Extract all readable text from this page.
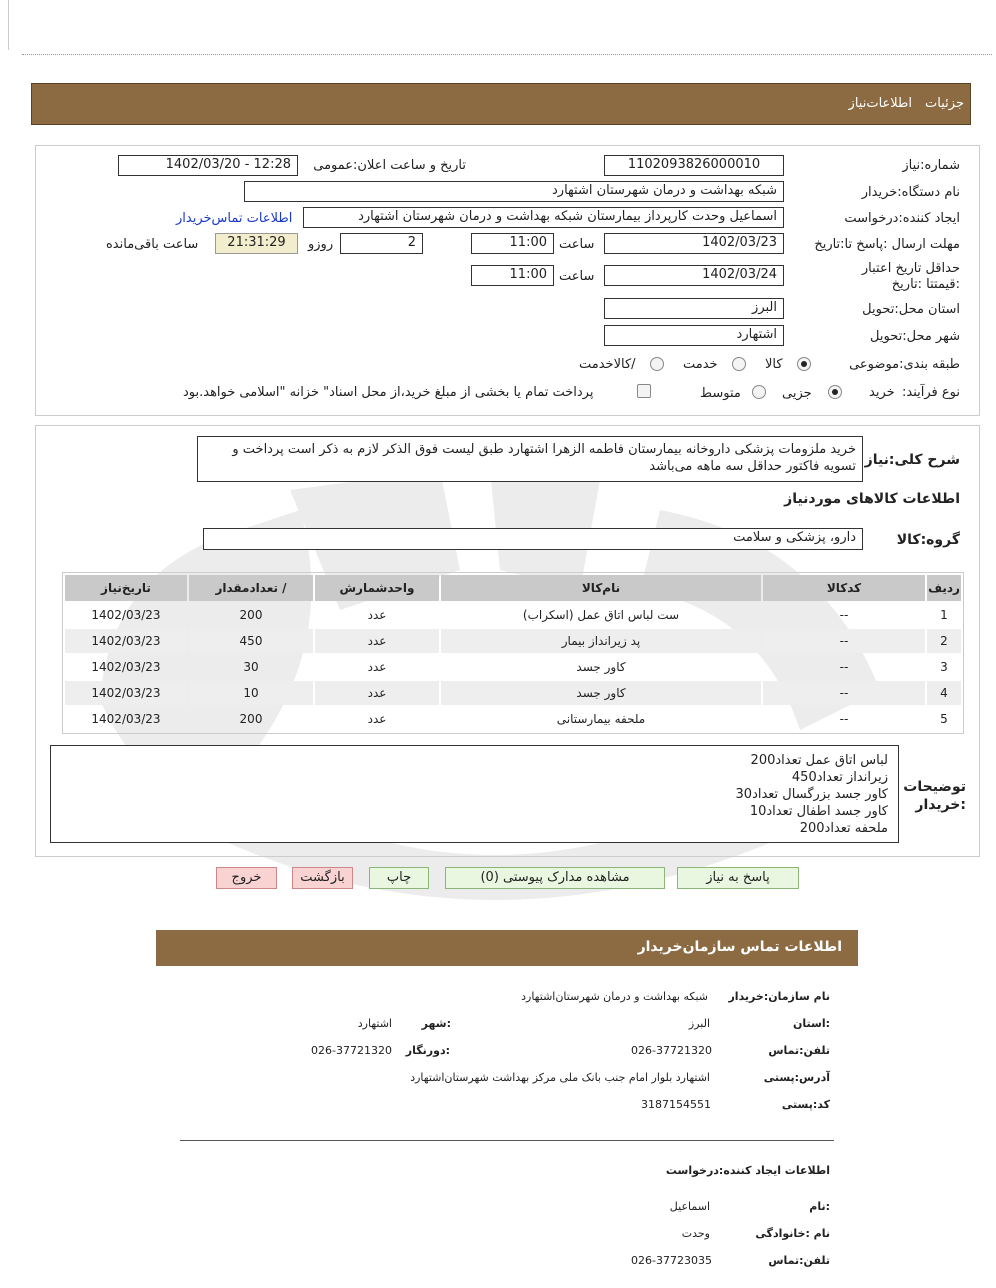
جزئیات
اطلاعات‌نیاز
شماره:نیاز
1102093826000010
تاریخ و ساعت اعلان:عمومی
1402/03/20 - 12:28
نام دستگاه:خریدار
شبکه بهداشت و درمان شهرستان اشتهارد
ایجاد کننده:درخواست
اسماعیل وحدت کارپرداز بیمارستان شبکه بهداشت و درمان شهرستان اشتهارد
اطلاعات تماس‌خریدار
مهلت ارسال :پاسخ تا:تاریخ
1402/03/23
ساعت
11:00
2
روزو
21:31:29
ساعت باقی‌مانده
حداقل تاریخ اعتبار :قیمتتا :تاریخ
1402/03/24
ساعت
11:00
استان محل:تحویل
البرز
شهر محل:تحویل
اشتهارد
طبقه بندی:موضوعی
کالا
خدمت
/کالاخدمت
نوع فرآیند:
خرید
جزیی
متوسط
پرداخت تمام یا بخشی از مبلغ خرید،از محل اسناد" خزانه "اسلامی خواهد.بود
شرح کلی:نیاز
خرید ملزومات پزشکی داروخانه بیمارستان فاطمه الزهرا اشتهارد طبق لیست فوق الذکر لازم به ذکر است پرداخت و تسویه فاکتور حداقل سه ماهه می‌باشد
اطلاعات کالاهای موردنیاز
گروه:کالا
دارو، پزشکی و سلامت
ردیف	کدکالا	نام‌کالا	واحدشمارش	/ تعدادمقدار	تاریخ‌نیاز
1	--	ست لباس اتاق عمل (اسکراب)	عدد	200	1402/03/23
2	--	پد زیرانداز بیمار	عدد	450	1402/03/23
3	--	کاور جسد	عدد	30	1402/03/23
4	--	کاور جسد	عدد	10	1402/03/23
5	--	ملحفه بیمارستانی	عدد	200	1402/03/23
توضیحات :خریدار
لباس اتاق عمل تعداد200
زیرانداز تعداد450
کاور جسد بزرگسال تعداد30
کاور جسد اطفال تعداد10
ملحفه تعداد200
پاسخ به نیاز
مشاهده مدارک پیوستی (0)
چاپ
بازگشت
خروج
اطلاعات تماس سازمان‌خریدار
نام سازمان:خریدار
شبکه بهداشت و درمان شهرستان‌اشتهارد
:استان
البرز
:شهر
اشتهارد
تلفن:تماس
026-37721320
:دورنگار
026-37721320
آدرس:پستی
اشتهارد بلوار امام جنب بانک ملی مرکز بهداشت شهرستان‌اشتهارد
کد:پستی
3187154551
اطلاعات ایجاد کننده:درخواست
:نام
اسماعیل
نام :خانوادگی
وحدت
تلفن:تماس
026-37723035
